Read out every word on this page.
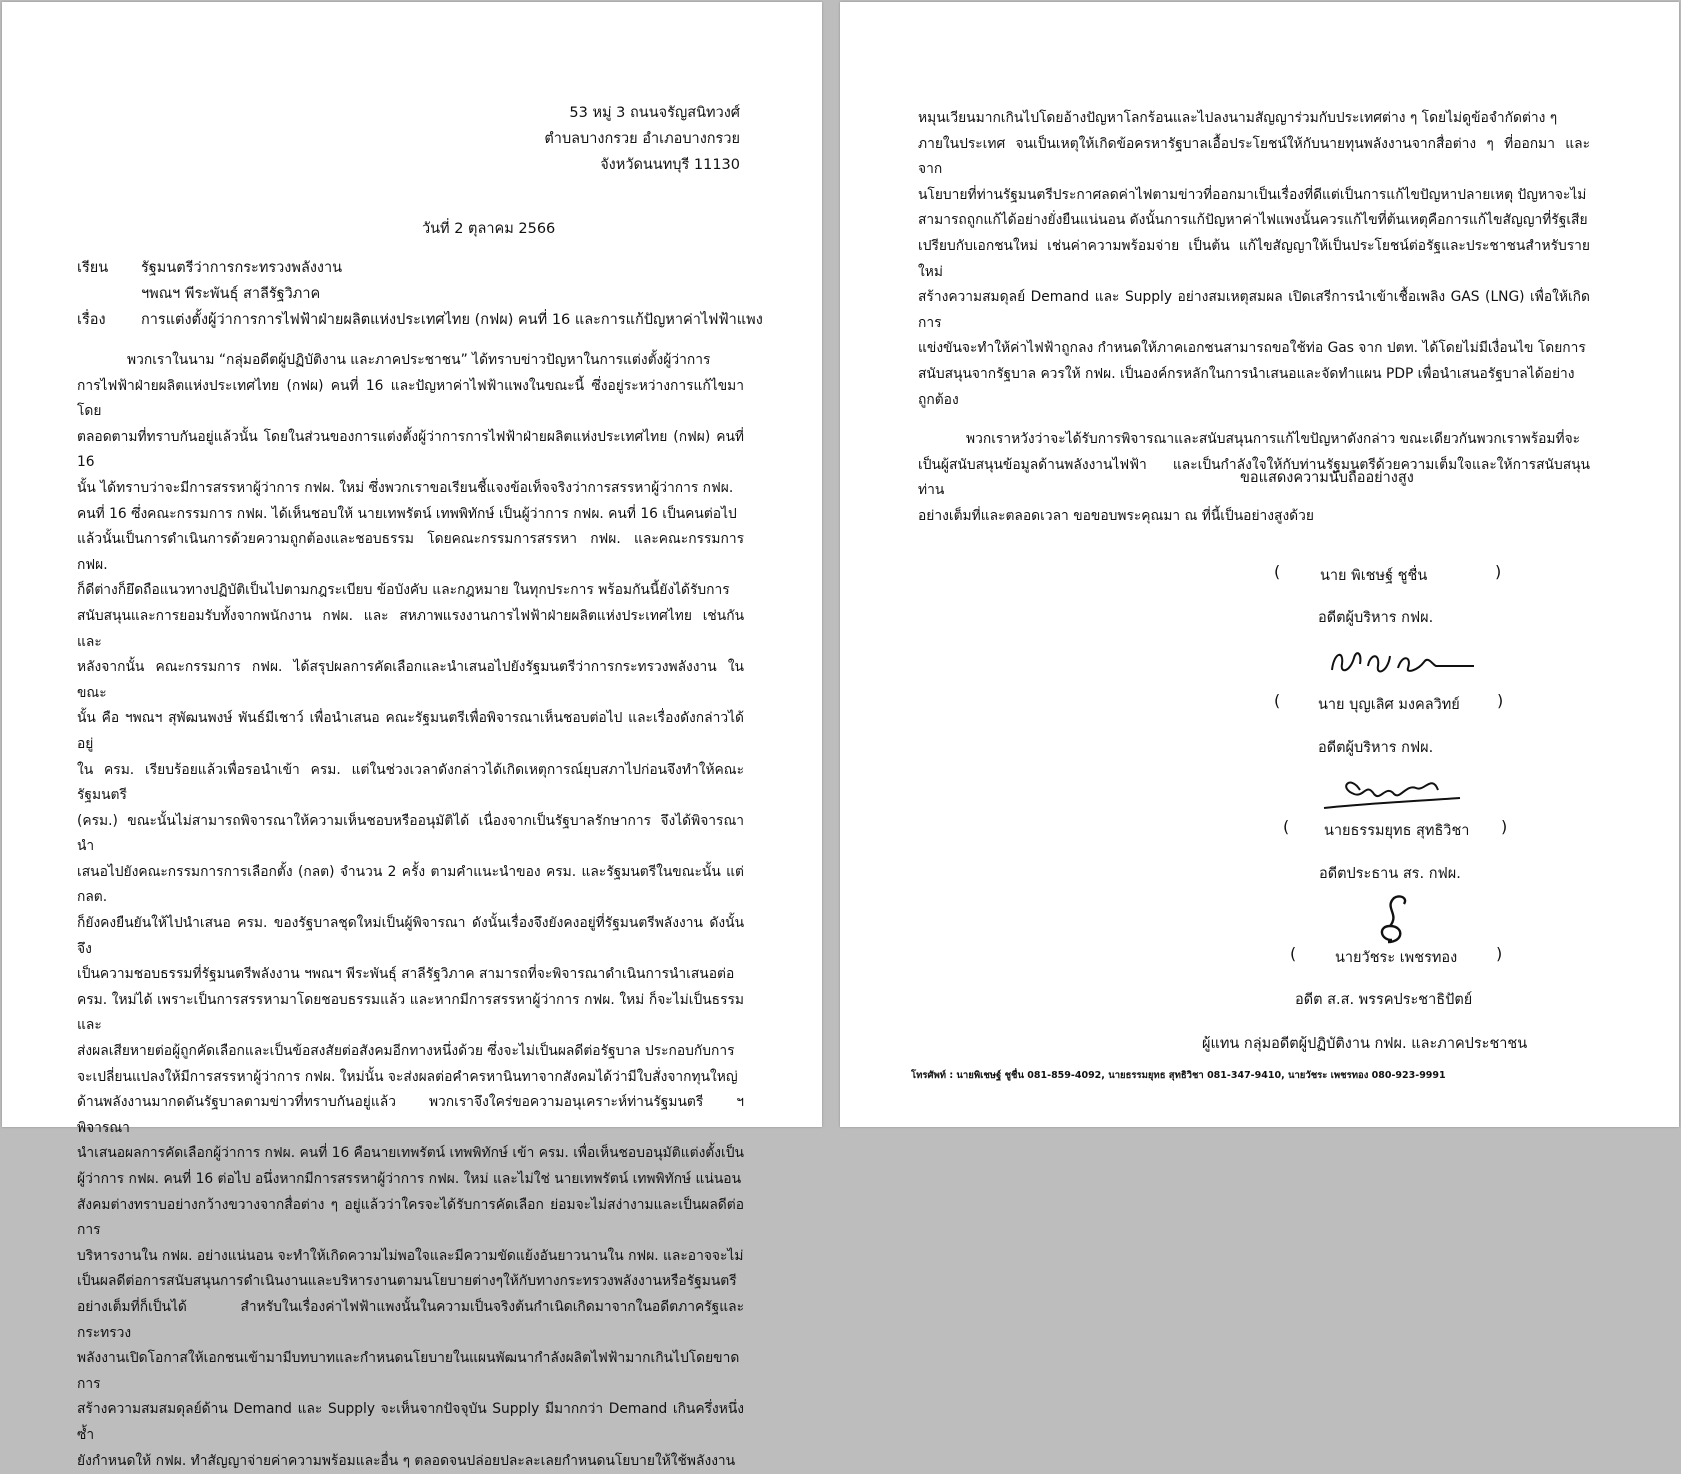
53 หมู่ 3 ถนนจรัญสนิทวงศ์
ตำบลบางกรวย อำเภอบางกรวย
จังหวัดนนทบุรี 11130
วันที่ 2 ตุลาคม 2566
เรียน รัฐมนตรีว่าการกระทรวงพลังงาน
ฯพณฯ พีระพันธุ์ สาลีรัฐวิภาค
เรื่อง การแต่งตั้งผู้ว่าการการไฟฟ้าฝ่ายผลิตแห่งประเทศไทย (กฟผ) คนที่ 16 และการแก้ปัญหาค่าไฟฟ้าแพง
พวกเราในนาม “กลุ่มอดีตผู้ปฏิบัติงาน และภาคประชาชน” ได้ทราบข่าวปัญหาในการแต่งตั้งผู้ว่าการ
การไฟฟ้าฝ่ายผลิตแห่งประเทศไทย (กฟผ) คนที่ 16 และปัญหาค่าไฟฟ้าแพงในขณะนี้ ซึ่งอยู่ระหว่างการแก้ไขมาโดย
ตลอดตามที่ทราบกันอยู่แล้วนั้น โดยในส่วนของการแต่งตั้งผู้ว่าการการไฟฟ้าฝ่ายผลิตแห่งประเทศไทย (กฟผ) คนที่ 16
นั้น ได้ทราบว่าจะมีการสรรหาผู้ว่าการ กฟผ. ใหม่ ซึ่งพวกเราขอเรียนชี้แจงข้อเท็จจริงว่าการสรรหาผู้ว่าการ กฟผ.
คนที่ 16 ซึ่งคณะกรรมการ กฟผ. ได้เห็นชอบให้ นายเทพรัตน์ เทพพิทักษ์ เป็นผู้ว่าการ กฟผ. คนที่ 16 เป็นคนต่อไป
แล้วนั้นเป็นการดำเนินการด้วยความถูกต้องและชอบธรรม โดยคณะกรรมการสรรหา กฟผ. และคณะกรรมการ กฟผ.
ก็ดีต่างก็ยึดถือแนวทางปฏิบัติเป็นไปตามกฎระเบียบ ข้อบังคับ และกฎหมาย ในทุกประการ พร้อมกันนี้ยังได้รับการ
สนับสนุนและการยอมรับทั้งจากพนักงาน กฟผ. และ สหภาพแรงงานการไฟฟ้าฝ่ายผลิตแห่งประเทศไทย เช่นกัน และ
หลังจากนั้น คณะกรรมการ กฟผ. ได้สรุปผลการคัดเลือกและนำเสนอไปยังรัฐมนตรีว่าการกระทรวงพลังงาน ในขณะ
นั้น คือ ฯพณฯ สุพัฒนพงษ์ พันธ์มีเชาว์ เพื่อนำเสนอ คณะรัฐมนตรีเพื่อพิจารณาเห็นชอบต่อไป และเรื่องดังกล่าวได้อยู่
ใน ครม. เรียบร้อยแล้วเพื่อรอนำเข้า ครม. แต่ในช่วงเวลาดังกล่าวได้เกิดเหตุการณ์ยุบสภาไปก่อนจึงทำให้คณะรัฐมนตรี
(ครม.) ขณะนั้นไม่สามารถพิจารณาให้ความเห็นชอบหรืออนุมัติได้ เนื่องจากเป็นรัฐบาลรักษาการ จึงได้พิจารณานำ
เสนอไปยังคณะกรรมการการเลือกตั้ง (กลต) จำนวน 2 ครั้ง ตามคำแนะนำของ ครม. และรัฐมนตรีในขณะนั้น แต่ กลต.
ก็ยังคงยืนยันให้ไปนำเสนอ ครม. ของรัฐบาลชุดใหม่เป็นผู้พิจารณา ดังนั้นเรื่องจึงยังคงอยู่ที่รัฐมนตรีพลังงาน ดังนั้นจึง
เป็นความชอบธรรมที่รัฐมนตรีพลังงาน ฯพณฯ พีระพันธุ์ สาลีรัฐวิภาค สามารถที่จะพิจารณาดำเนินการนำเสนอต่อ
ครม. ใหม่ได้ เพราะเป็นการสรรหามาโดยชอบธรรมแล้ว และหากมีการสรรหาผู้ว่าการ กฟผ. ใหม่ ก็จะไม่เป็นธรรมและ
ส่งผลเสียหายต่อผู้ถูกคัดเลือกและเป็นข้อสงสัยต่อสังคมอีกทางหนึ่งด้วย ซึ่งจะไม่เป็นผลดีต่อรัฐบาล ประกอบกับการ
จะเปลี่ยนแปลงให้มีการสรรหาผู้ว่าการ กฟผ. ใหม่นั้น จะส่งผลต่อคำครหานินทาจากสังคมได้ว่ามีใบสั่งจากทุนใหญ่
ด้านพลังงานมากดดันรัฐบาลตามข่าวที่ทราบกันอยู่แล้ว พวกเราจึงใคร่ขอความอนุเคราะห์ท่านรัฐมนตรี ฯ พิจารณา
นำเสนอผลการคัดเลือกผู้ว่าการ กฟผ. คนที่ 16 คือนายเทพรัตน์ เทพพิทักษ์ เข้า ครม. เพื่อเห็นชอบอนุมัติแต่งตั้งเป็น
ผู้ว่าการ กฟผ. คนที่ 16 ต่อไป อนึ่งหากมีการสรรหาผู้ว่าการ กฟผ. ใหม่ และไม่ใช่ นายเทพรัตน์ เทพพิทักษ์ แน่นอน
สังคมต่างทราบอย่างกว้างขวางจากสื่อต่าง ๆ อยู่แล้วว่าใครจะได้รับการคัดเลือก ย่อมจะไม่สง่างามและเป็นผลดีต่อการ
บริหารงานใน กฟผ. อย่างแน่นอน จะทำให้เกิดความไม่พอใจและมีความขัดแย้งอันยาวนานใน กฟผ. และอาจจะไม่
เป็นผลดีต่อการสนับสนุนการดำเนินงานและบริหารงานตามนโยบายต่างๆให้กับทางกระทรวงพลังงานหรือรัฐมนตรี
อย่างเต็มที่ก็เป็นได้ สำหรับในเรื่องค่าไฟฟ้าแพงนั้นในความเป็นจริงต้นกำเนิดเกิดมาจากในอดีตภาครัฐและกระทรวง
พลังงานเปิดโอกาสให้เอกชนเข้ามามีบทบาทและกำหนดนโยบายในแผนพัฒนากำลังผลิตไฟฟ้ามากเกินไปโดยขาดการ
สร้างความสมสมดุลย์ด้าน Demand และ Supply จะเห็นจากปัจจุบัน Supply มีมากกว่า Demand เกินครึ่งหนึ่ง ซ้ำ
ยังกำหนดให้ กฟผ. ทำสัญญาจ่ายค่าความพร้อมและอื่น ๆ ตลอดจนปล่อยปละละเลยกำหนดนโยบายให้ใช้พลังงาน
หมุนเวียนมากเกินไปโดยอ้างปัญหาโลกร้อนและไปลงนามสัญญาร่วมกับประเทศต่าง ๆ โดยไม่ดูข้อจำกัดต่าง ๆ
ภายในประเทศ จนเป็นเหตุให้เกิดข้อครหารัฐบาลเอื้อประโยชน์ให้กับนายทุนพลังงานจากสื่อต่าง ๆ ที่ออกมา และจาก
นโยบายที่ท่านรัฐมนตรีประกาศลดค่าไฟตามข่าวที่ออกมาเป็นเรื่องที่ดีแต่เป็นการแก้ไขปัญหาปลายเหตุ ปัญหาจะไม่
สามารถถูกแก้ได้อย่างยั่งยืนแน่นอน ดังนั้นการแก้ปัญหาค่าไฟแพงนั้นควรแก้ไขที่ต้นเหตุคือการแก้ไขสัญญาที่รัฐเสีย
เปรียบกับเอกชนใหม่ เช่นค่าความพร้อมจ่าย เป็นต้น แก้ไขสัญญาให้เป็นประโยชน์ต่อรัฐและประชาชนสำหรับรายใหม่
สร้างความสมดุลย์ Demand และ Supply อย่างสมเหตุสมผล เปิดเสรีการนำเข้าเชื้อเพลิง GAS (LNG) เพื่อให้เกิดการ
แข่งขันจะทำให้ค่าไฟฟ้าถูกลง กำหนดให้ภาคเอกชนสามารถขอใช้ท่อ Gas จาก ปตท. ได้โดยไม่มีเงื่อนไข โดยการ
สนับสนุนจากรัฐบาล ควรให้ กฟผ. เป็นองค์กรหลักในการนำเสนอและจัดทำแผน PDP เพื่อนำเสนอรัฐบาลได้อย่าง
ถูกต้อง
พวกเราหวังว่าจะได้รับการพิจารณาและสนับสนุนการแก้ไขปัญหาดังกล่าว ขณะเดียวกันพวกเราพร้อมที่จะ
เป็นผู้สนับสนุนข้อมูลด้านพลังงานไฟฟ้า และเป็นกำลังใจให้กับท่านรัฐมนตรีด้วยความเต็มใจและให้การสนับสนุนท่าน
อย่างเต็มที่และตลอดเวลา ขอขอบพระคุณมา ณ ที่นี้เป็นอย่างสูงด้วย
ขอแสดงความนับถืออย่างสูง
(	นาย พิเชษฐ์ ชูชื่น	)
อดีตผู้บริหาร กฟผ.
(	นาย บุญเลิศ มงคลวิทย์ )
อดีตผู้บริหาร กฟผ.
( นายธรรมยุทธ สุทธิวิชา )
อดีตประธาน สร. กฟผ.
(	นายวัชระ เพชรทอง )
อดีต ส.ส. พรรคประชาธิปัตย์
ผู้แทน กลุ่มอดีตผู้ปฏิบัติงาน กฟผ. และภาคประชาชน
โทรศัพท์ : นายพิเชษฐ์ ชูชื่น 081-859-4092, นายธรรมยุทธ สุทธิวิชา 081-347-9410, นายวัชระ เพชรทอง 080-923-9991
